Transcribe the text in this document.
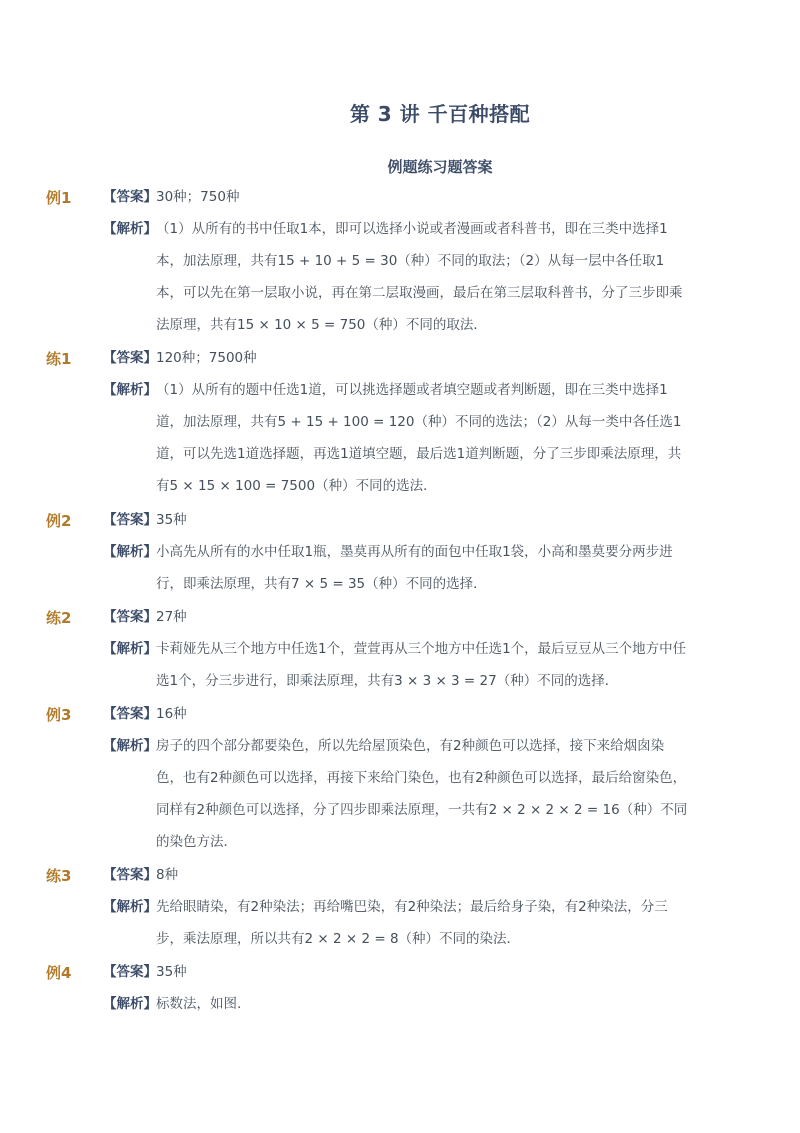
第 3 讲 千百种搭配
例题练习题答案
例1 【答案】 30种；750种
【解析】 （1）从所有的书中任取1本，即可以选择小说或者漫画或者科普书，即在三类中选择1
本，加法原理，共有15 + 10 + 5 = 30（种）不同的取法；（2）从每一层中各任取1
本，可以先在第一层取小说，再在第二层取漫画，最后在第三层取科普书，分了三步即乘
法原理，共有15 × 10 × 5 = 750（种）不同的取法．
练1 【答案】 120种；7500种
【解析】 （1）从所有的题中任选1道，可以挑选择题或者填空题或者判断题，即在三类中选择1
道，加法原理，共有5 + 15 + 100 = 120（种）不同的选法；（2）从每一类中各任选1
道，可以先选1道选择题，再选1道填空题，最后选1道判断题，分了三步即乘法原理，共
有5 × 15 × 100 = 7500（种）不同的选法．
例2 【答案】 35种
【解析】 小高先从所有的水中任取1瓶，墨莫再从所有的面包中任取1袋，小高和墨莫要分两步进
行，即乘法原理，共有7 × 5 = 35（种）不同的选择．
练2 【答案】 27种
【解析】 卡莉娅先从三个地方中任选1个，萱萱再从三个地方中任选1个，最后豆豆从三个地方中任
选1个，分三步进行，即乘法原理，共有3 × 3 × 3 = 27（种）不同的选择．
例3 【答案】 16种
【解析】 房子的四个部分都要染色，所以先给屋顶染色，有2种颜色可以选择，接下来给烟囱染
色，也有2种颜色可以选择，再接下来给门染色，也有2种颜色可以选择，最后给窗染色，
同样有2种颜色可以选择，分了四步即乘法原理，一共有2 × 2 × 2 × 2 = 16（种）不同
的染色方法．
练3 【答案】 8种
【解析】 先给眼睛染，有2种染法；再给嘴巴染，有2种染法；最后给身子染，有2种染法，分三
步，乘法原理，所以共有2 × 2 × 2 = 8（种）不同的染法．
例4 【答案】 35种
【解析】 标数法，如图.
